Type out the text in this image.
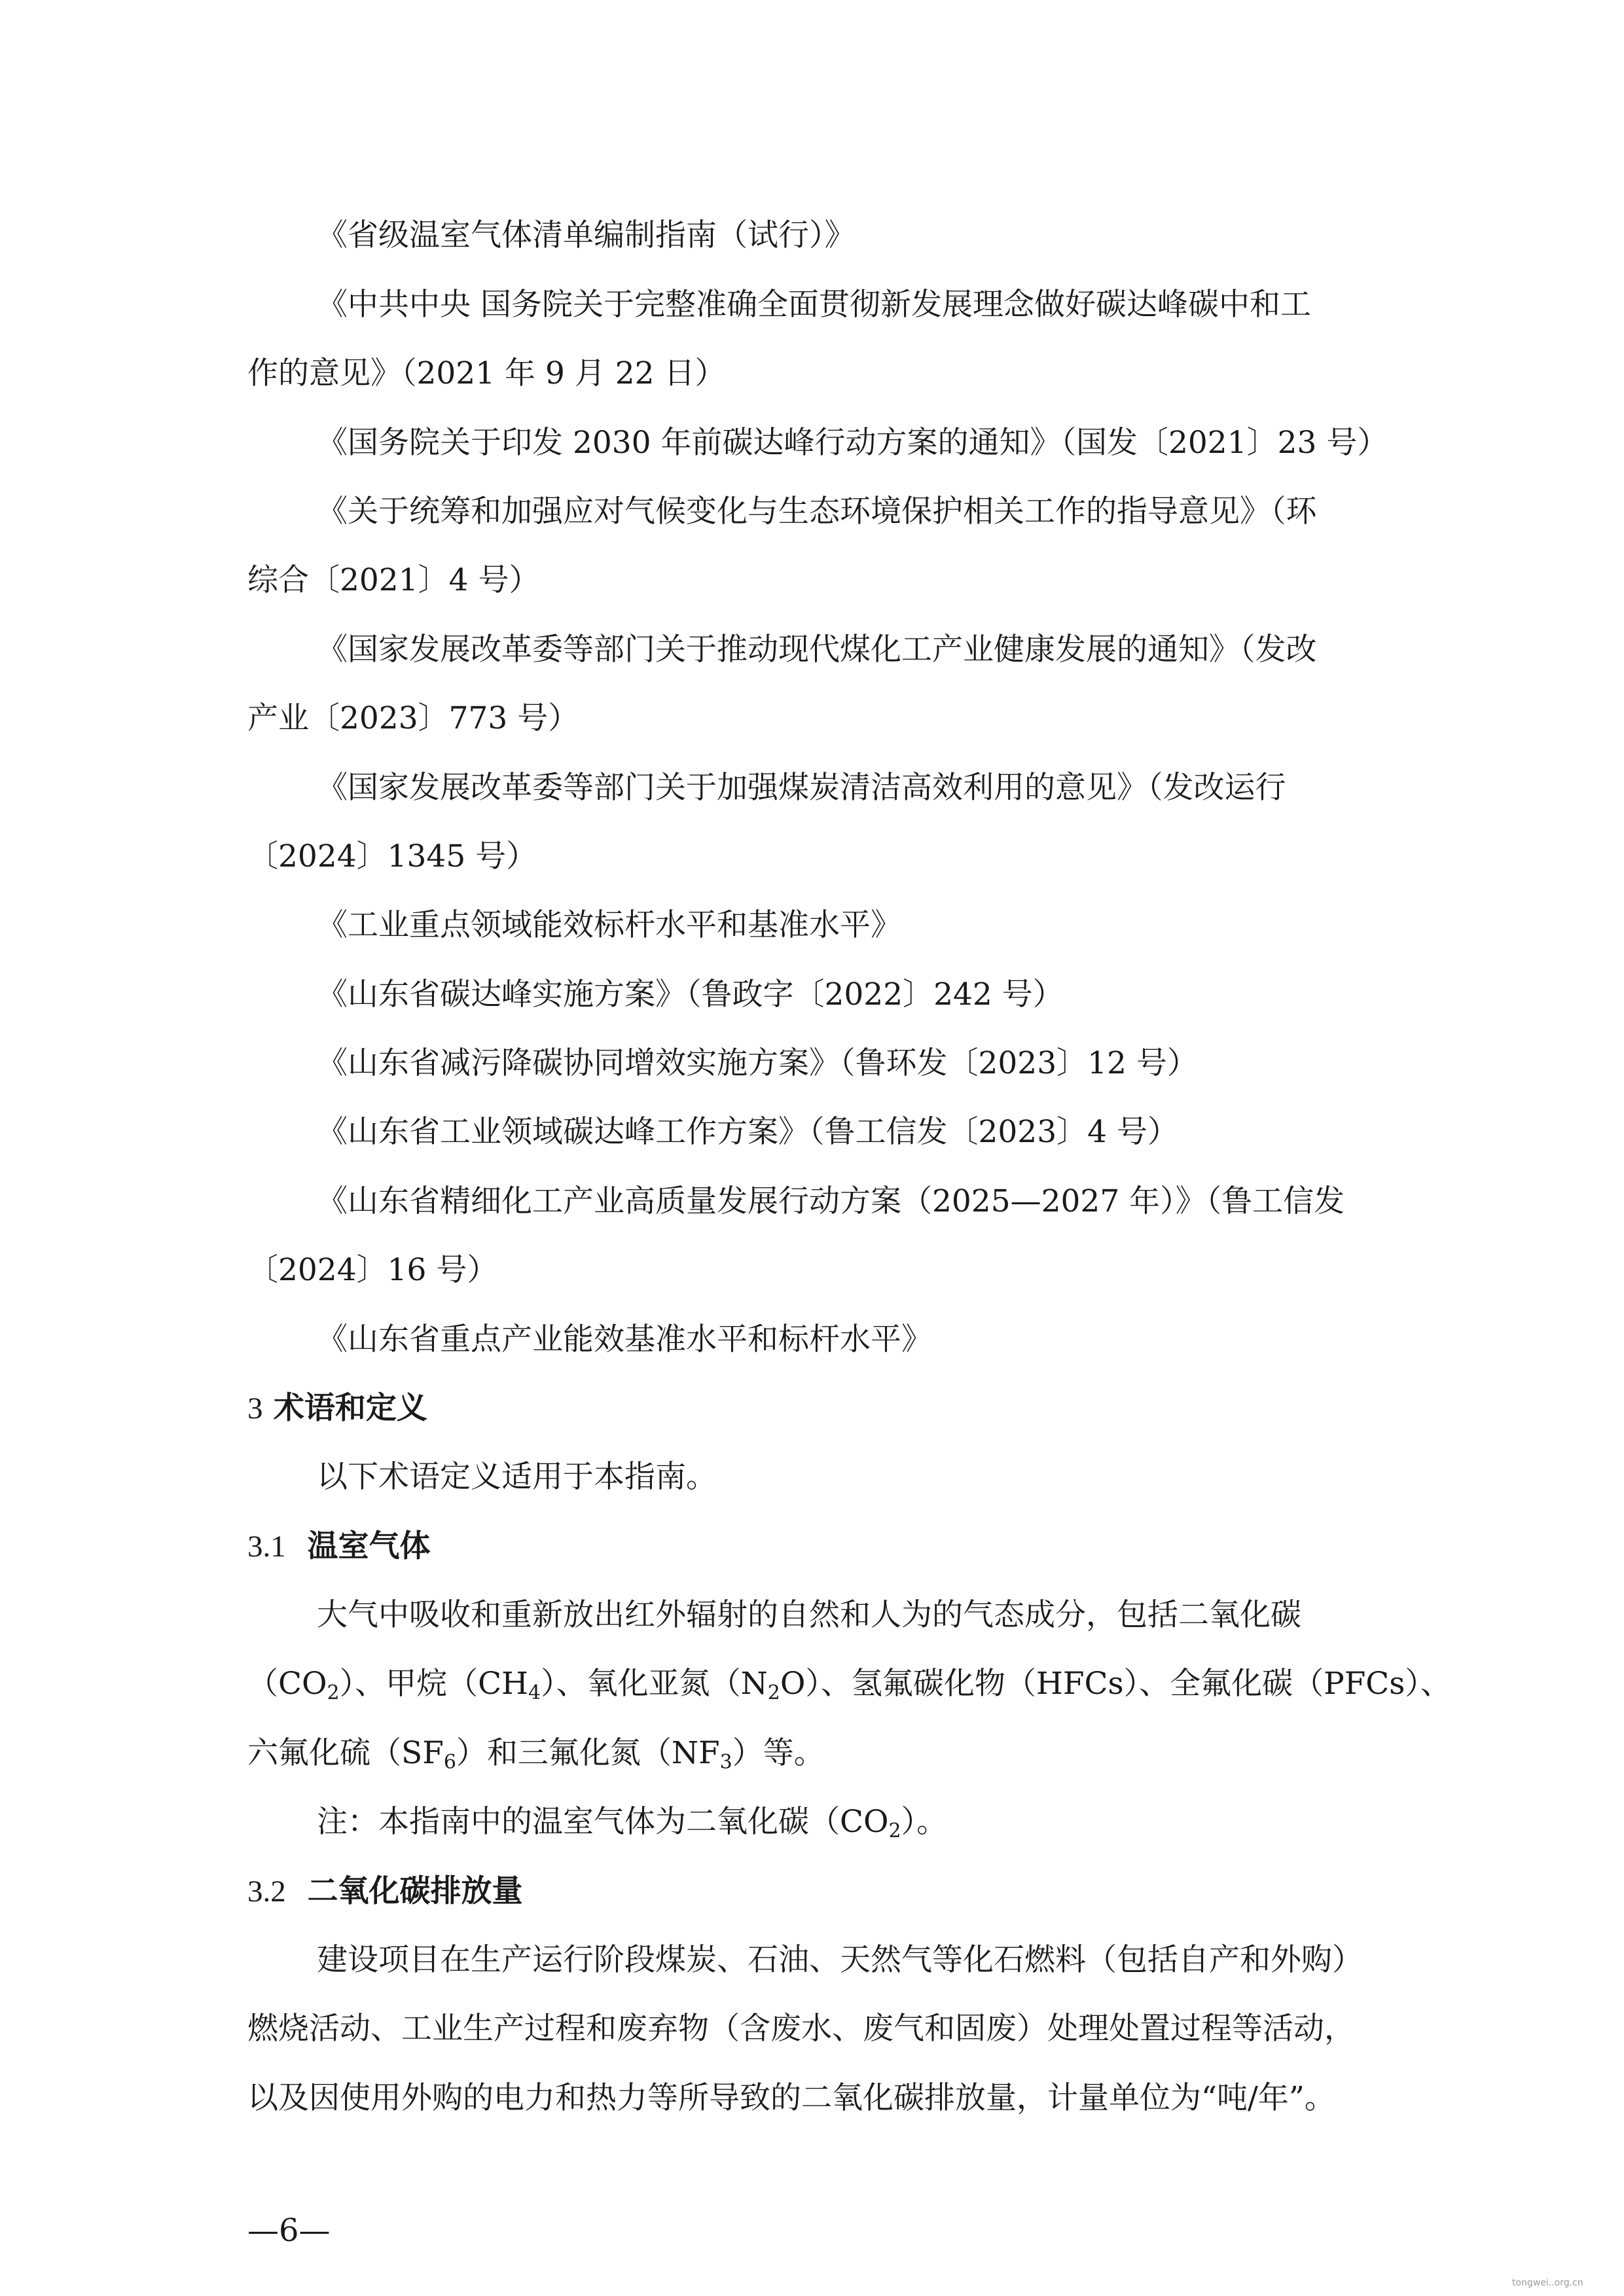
《省级温室气体清单编制指南（试行）》
《中共中央 国务院关于完整准确全面贯彻新发展理念做好碳达峰碳中和工
作的意见》（2021 年 9 月 22 日）
《国务院关于印发 2030 年前碳达峰行动方案的通知》（国发〔2021〕23 号）
《关于统筹和加强应对气候变化与生态环境保护相关工作的指导意见》（环
综合〔2021〕4 号）
《国家发展改革委等部门关于推动现代煤化工产业健康发展的通知》（发改
产业〔2023〕773 号）
《国家发展改革委等部门关于加强煤炭清洁高效利用的意见》（发改运行
〔2024〕1345 号）
《工业重点领域能效标杆水平和基准水平》
《山东省碳达峰实施方案》（鲁政字〔2022〕242 号）
《山东省减污降碳协同增效实施方案》（鲁环发〔2023〕12 号）
《山东省工业领域碳达峰工作方案》（鲁工信发〔2023〕4 号）
《山东省精细化工产业高质量发展行动方案（2025—2027 年）》（鲁工信发
〔2024〕16 号）
《山东省重点产业能效基准水平和标杆水平》
3 术语和定义
以下术语定义适用于本指南。
3.1 温室气体
大气中吸收和重新放出红外辐射的自然和人为的气态成分，包括二氧化碳
$(CO_2)$、甲烷$(CH_4)$、氧化亚氮$(N_2O)$、氢氟碳化物（HFCs）、全氟化碳（PFCs）、
六氟化硫$(SF_6)$和三氟化氮$(NF_3)$等。
注：本指南中的温室气体为二氧化碳$(CO_2)$。
3.2 二氧化碳排放量
建设项目在生产运行阶段煤炭、石油、天然气等化石燃料（包括自产和外购）
燃烧活动、工业生产过程和废弃物（含废水、废气和固废）处理处置过程等活动，
以及因使用外购的电力和热力等所导致的二氧化碳排放量，计量单位为“吨/年”。
—6—
tongwei..org.cn
